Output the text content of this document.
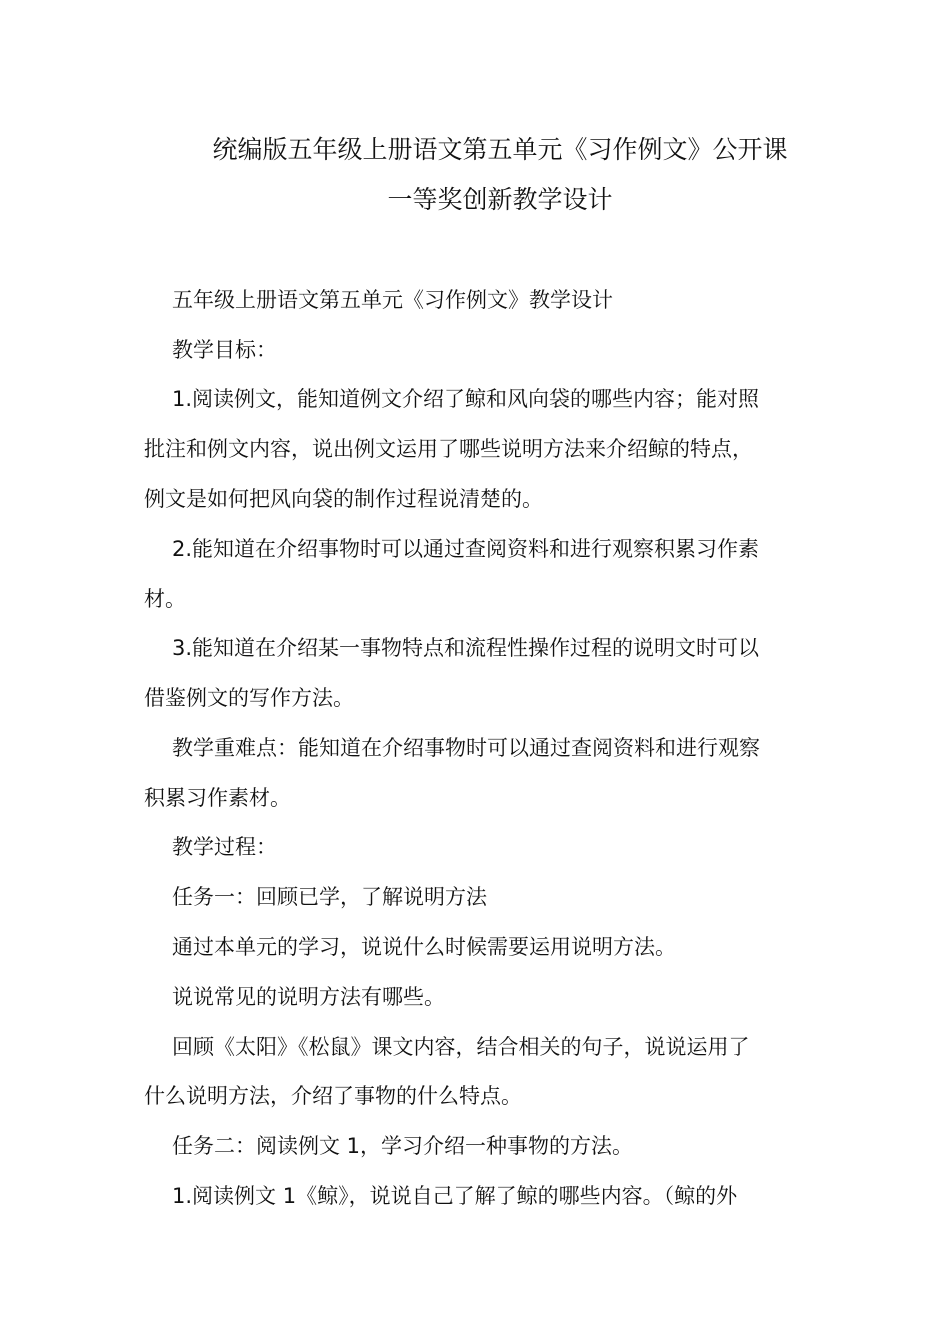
统编版五年级上册语文第五单元《习作例文》公开课
一等奖创新教学设计
五年级上册语文第五单元《习作例文》教学设计
教学目标：
1.阅读例文，能知道例文介绍了鲸和风向袋的哪些内容；能对照
批注和例文内容，说出例文运用了哪些说明方法来介绍鲸的特点，
例文是如何把风向袋的制作过程说清楚的。
2.能知道在介绍事物时可以通过查阅资料和进行观察积累习作素
材。
3.能知道在介绍某一事物特点和流程性操作过程的说明文时可以
借鉴例文的写作方法。
教学重难点：能知道在介绍事物时可以通过查阅资料和进行观察
积累习作素材。
教学过程：
任务一：回顾已学，了解说明方法
通过本单元的学习，说说什么时候需要运用说明方法。
说说常见的说明方法有哪些。
回顾《太阳》《松鼠》课文内容，结合相关的句子，说说运用了
什么说明方法，介绍了事物的什么特点。
任务二：阅读例文 1，学习介绍一种事物的方法。
1.阅读例文 1《鲸》，说说自己了解了鲸的哪些内容。（鲸的外
